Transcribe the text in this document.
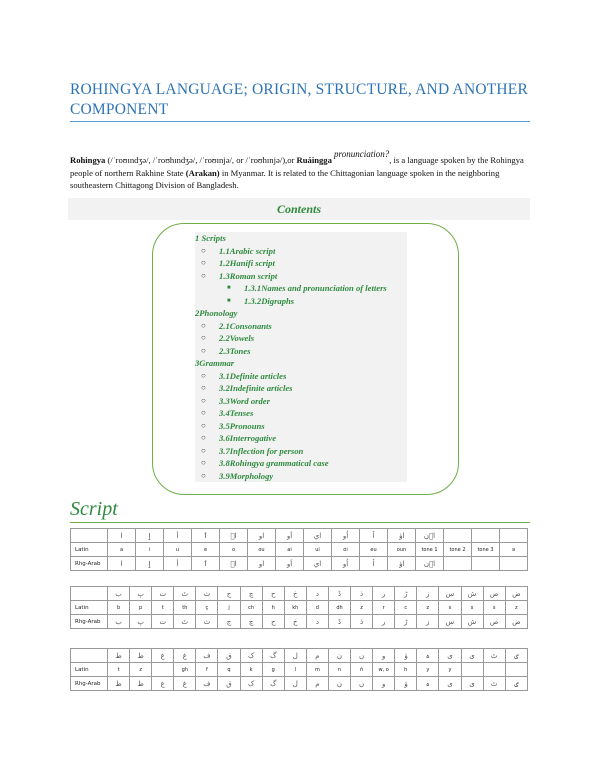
ROHINGYA LANGUAGE; ORIGIN, STRUCTURE, AND ANOTHER COMPONENT
Rohingya (/ˈroʊɪndʒə/, /ˈroʊhɪndʒə/, /ˈroʊɪnjə/, or /ˈroʊhɪnjə/),or Ruáingga pronunciation?, is a language spoken by the Rohingya people of northern Rakhine State (Arakan) in Myanmar. It is related to the Chittagonian language spoken in the neighboring southeastern Chittagong Division of Bangladesh.
Contents
1 Scripts
○ 1.1Arabic script
○ 1.2Hanifi script
○ 1.3Roman script
■ 1.3.1Names and pronunciation of letters
■ 1.3.2Digraphs
2Phonology
○ 2.1Consonants
○ 2.2Vowels
○ 2.3Tones
3Grammar
○ 3.1Definite articles
○ 3.2Indefinite articles
○ 3.3Word order
○ 3.4Tenses
○ 3.5Pronouns
○ 3.6Interrogative
○ 3.7Inflection for person
○ 3.8Rohingya grammatical case
○ 3.9Morphology
Script
	ا	ٳ	أ	ٲ	اٖ	او	اَو	اي	اُو	اٚ	اۏ	اٖن			
Latin	a	i	u	e	o	ou	ai	ui	oi	eu	oun	tone 1	tone 2	tone 3	ə
Rhg-Arab	ا	ٳ	أ	ٲ	اٖ	او	اَو	اي	اُو	اٚ	اۏ	اٖن			
	ب	پ	ت	ٹ	ث	ج	چ	ح	خ	د	ڈ	ذ	ر	ڑ	ز	س	ش	ص	ض
Latin	b	p	t	th	ç	j	ch	h	kh	d	dh	z	r	c	z	s	s	s	z
Rhg-Arab	ب	پ	ت	ٹ	ث	ج	چ	ح	خ	د	ڈ	ذ	ر	ڑ	ز	س	ش	ص	ض
	ط	ظ	ع	غ	ف	ق	ک	گ	ل	م	ن	ں	و	ۏ	ہ	ی	ی	ٹ	ٸ
Latin	t	z		gh	f	q	k	g	l	m	n	ñ	w, o	h	y	y			
Rhg-Arab	ط	ظ	ع	غ	ف	ق	ک	گ	ل	م	ن	ں	و	ۏ	ہ	ی	ی	ٹ	ٸ
